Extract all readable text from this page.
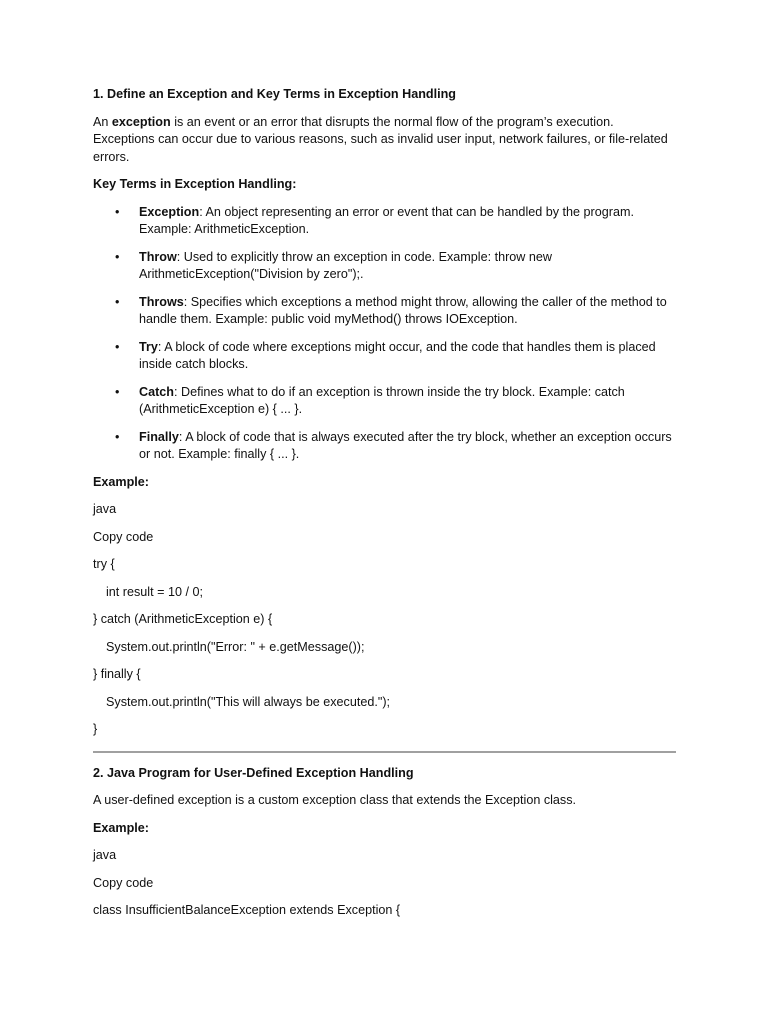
1. Define an Exception and Key Terms in Exception Handling
An exception is an event or an error that disrupts the normal flow of the program’s execution. Exceptions can occur due to various reasons, such as invalid user input, network failures, or file-related errors.
Key Terms in Exception Handling:
• Exception: An object representing an error or event that can be handled by the program. Example: ArithmeticException.
• Throw: Used to explicitly throw an exception in code. Example: throw new ArithmeticException("Division by zero");.
• Throws: Specifies which exceptions a method might throw, allowing the caller of the method to handle them. Example: public void myMethod() throws IOException.
• Try: A block of code where exceptions might occur, and the code that handles them is placed inside catch blocks.
• Catch: Defines what to do if an exception is thrown inside the try block. Example: catch (ArithmeticException e) { ... }.
• Finally: A block of code that is always executed after the try block, whether an exception occurs or not. Example: finally { ... }.
Example:
java
Copy code
try {
int result = 10 / 0;
} catch (ArithmeticException e) {
System.out.println("Error: " + e.getMessage());
} finally {
System.out.println("This will always be executed.");
}
2. Java Program for User-Defined Exception Handling
A user-defined exception is a custom exception class that extends the Exception class.
Example:
java
Copy code
class InsufficientBalanceException extends Exception {
